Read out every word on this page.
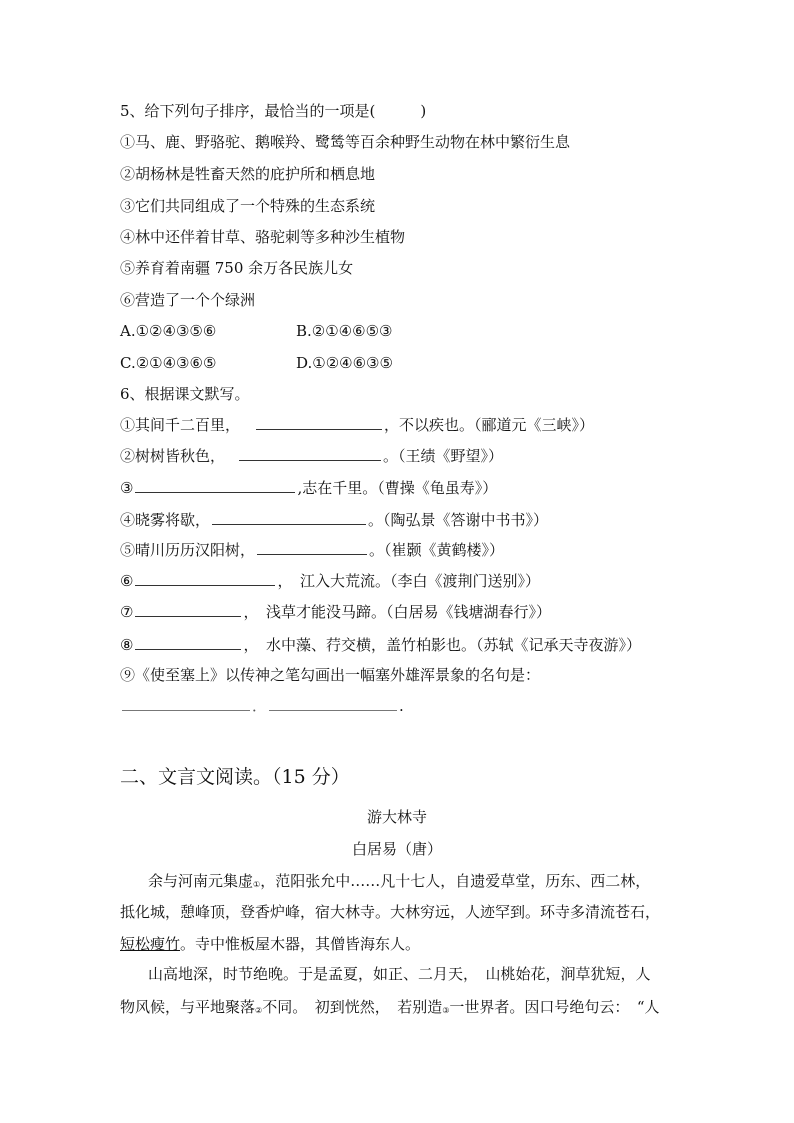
5、给下列句子排序，最恰当的一项是(　　　)
①马、鹿、野骆驼、鹅喉羚、鹭鸶等百余种野生动物在林中繁衍生息
②胡杨林是牲畜天然的庇护所和栖息地
③它们共同组成了一个特殊的生态系统
④林中还伴着甘草、骆驼刺等多种沙生植物
⑤养育着南疆 750 余万各民族儿女
⑥营造了一个个绿洲
A.①②④③⑤⑥	B.②①④⑥⑤③
C.②①④③⑥⑤	D.①②④⑥③⑤
6、根据课文默写。
①其间千二百里，	，不以疾也。（郦道元《三峡》）
②树树皆秋色，	。（王绩《野望》）
③	,志在千里。（曹操《龟虽寿》）
④晓雾将歇，	。（陶弘景《答谢中书书》）
⑤晴川历历汉阳树，	。（崔颢《黄鹤楼》）
⑥	，　江入大荒流。（李白《渡荆门送别》）
⑦	，　浅草才能没马蹄。（白居易《钱塘湖春行》）
⑧	，　水中藻、荇交横，盖竹柏影也。（苏轼《记承天寺夜游》）
⑨《使至塞上》以传神之笔勾画出一幅塞外雄浑景象的名句是：
．	.
二、文言文阅读。（15 分）
游大林寺
白居易（唐）
余与河南元集虚$_①$，范阳张允中……凡十七人，自遗爱草堂，历东、西二林，
抵化城，憩峰顶，登香炉峰，宿大林寺。大林穷远，人迹罕到。环寺多清流苍石，
短松瘦竹。寺中惟板屋木器，其僧皆海东人。
山高地深，时节绝晚。于是孟夏，如正、二月天，　山桃始花，涧草犹短，人
物风候，与平地聚落$_②$不同。　初到恍然，　若别造$_③$一世界者。因口号绝句云：　“人
